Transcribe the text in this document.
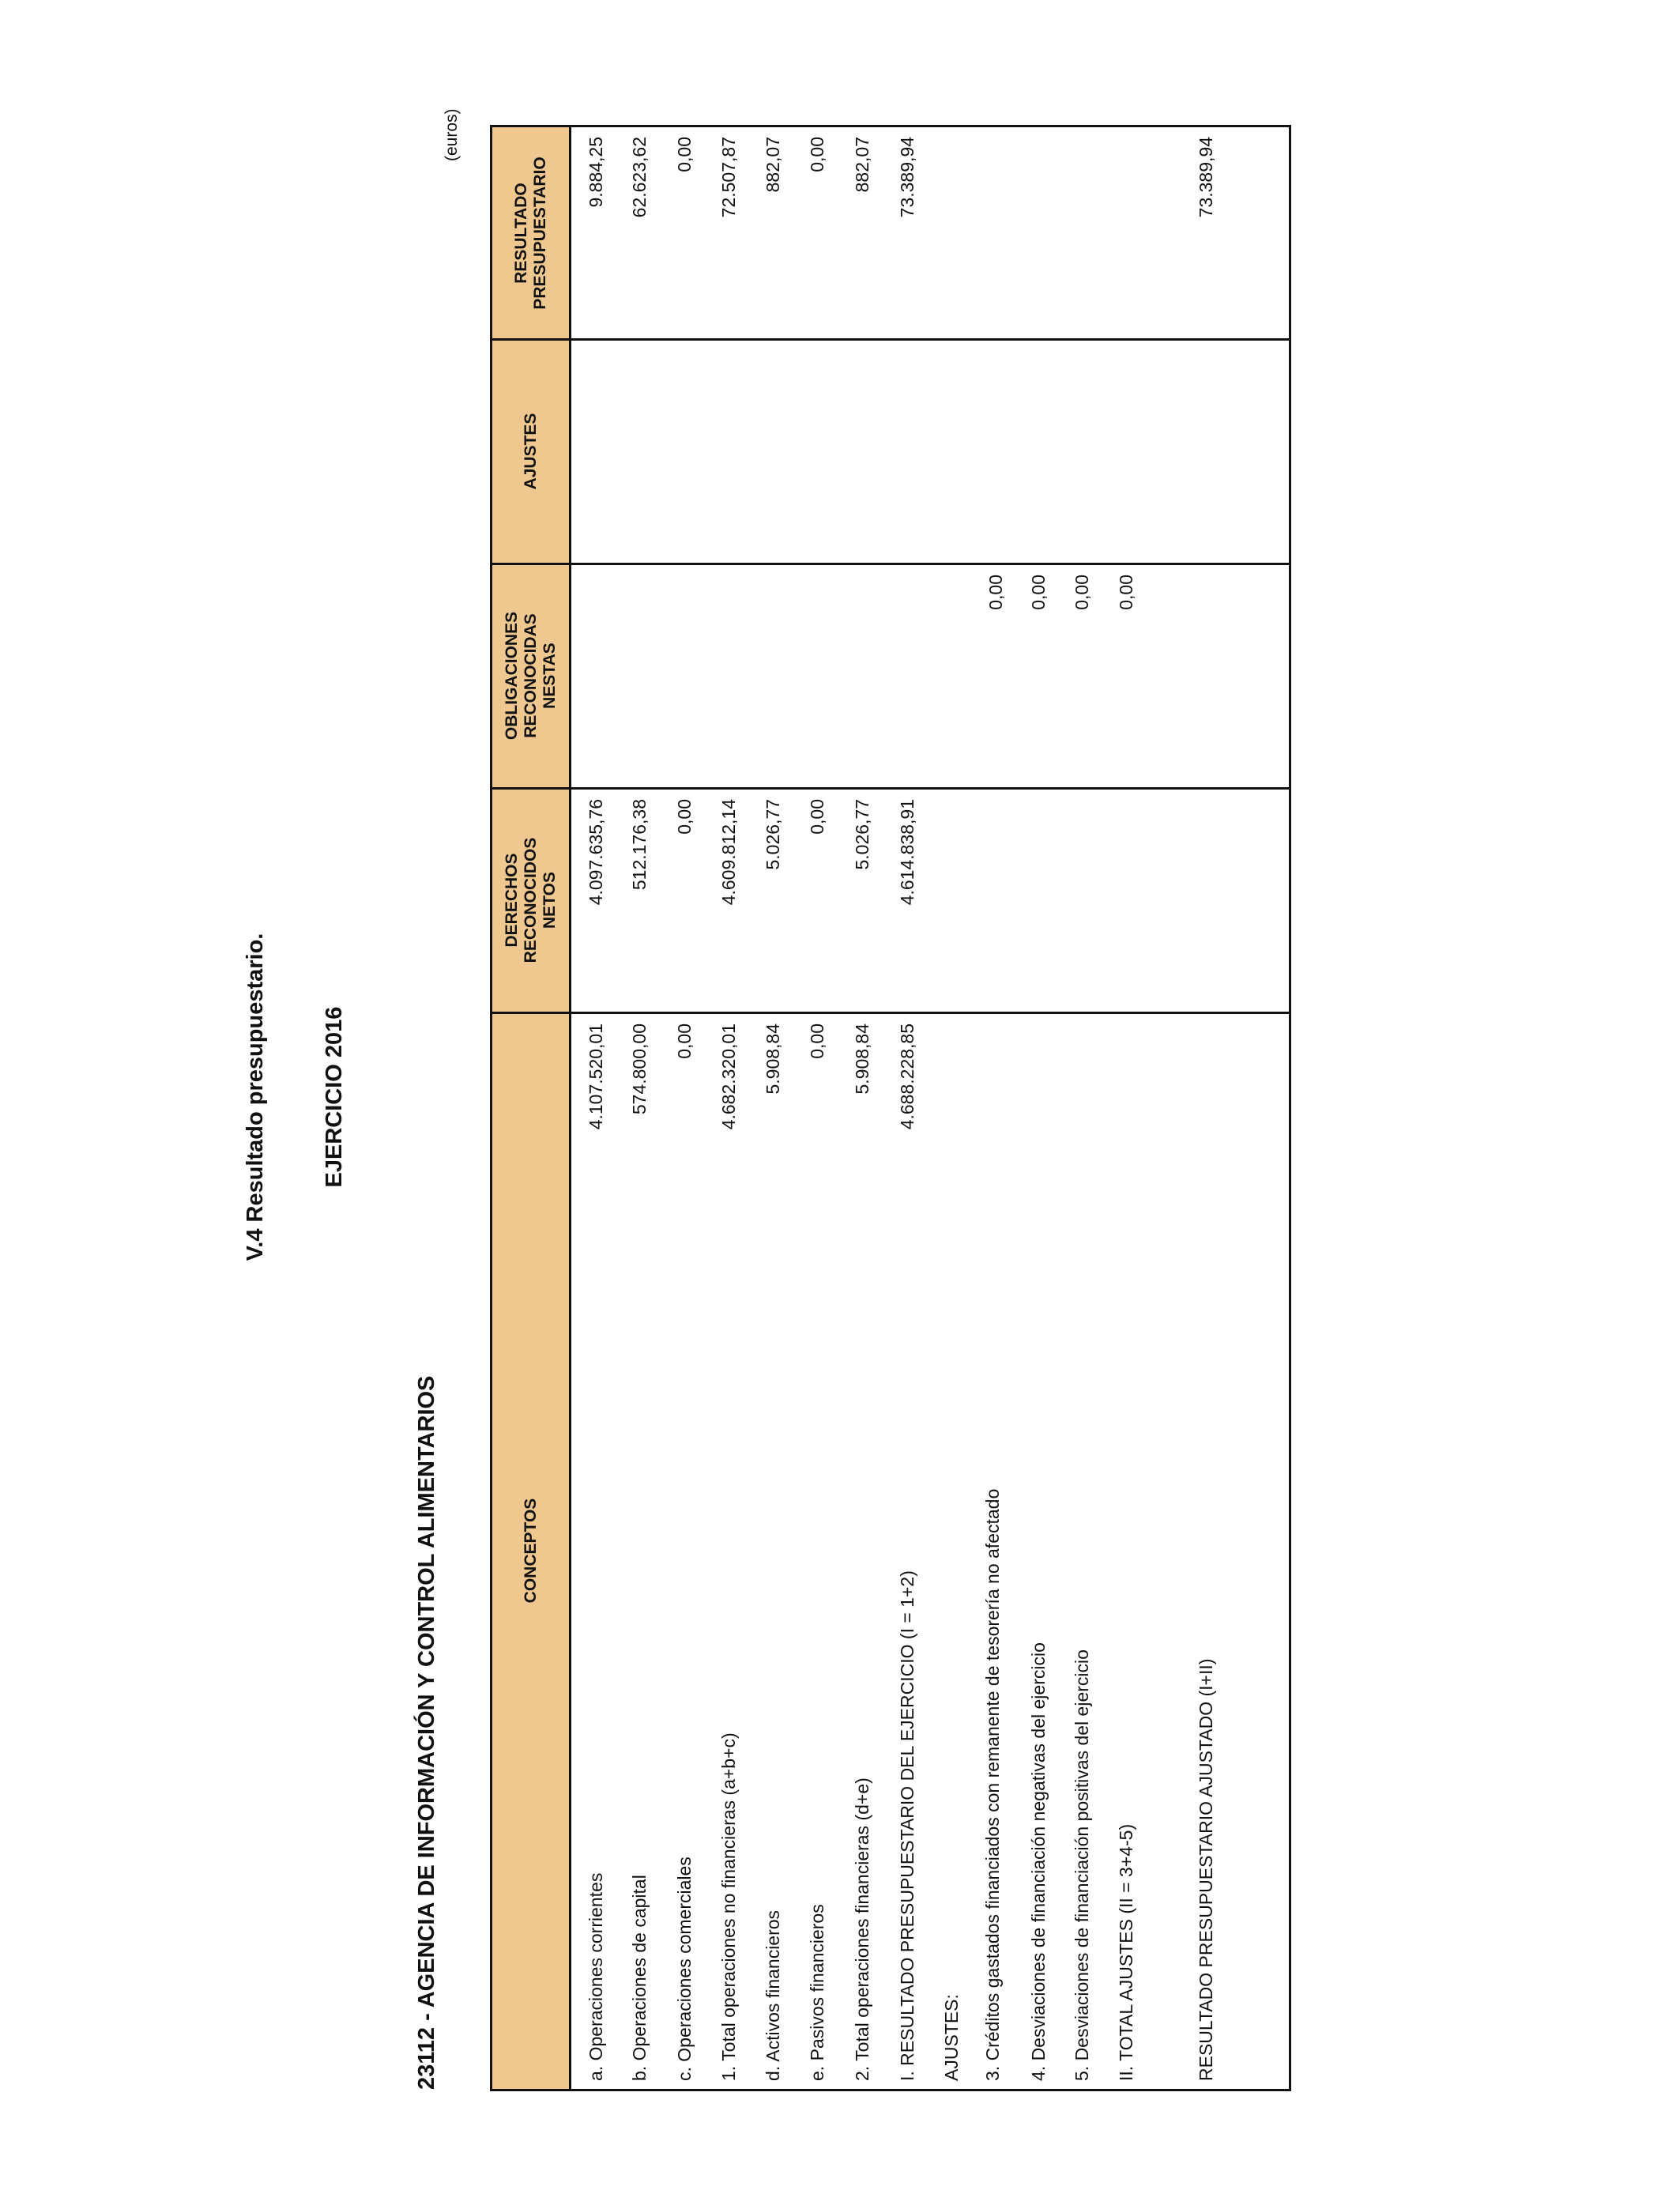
V.4 Resultado presupuestario. EJERCICIO 2016
23112 - AGENCIA DE INFORMACIÓN Y CONTROL ALIMENTARIOS
(euros)
CONCEPTOS
DERECHOS RECONOCIDOS NETOS
OBLIGACIONES RECONOCIDAS NESTAS
AJUSTES
RESULTADO PRESUPUESTARIO
a. Operaciones corrientes
4.107.520,01
4.097.635,76
9.884,25
b. Operaciones de capital
574.800,00
512.176,38
62.623,62
c. Operaciones comerciales
0,00
0,00
0,00
1. Total operaciones no financieras (a+b+c)
4.682.320,01
4.609.812,14
72.507,87
d. Activos financieros
5.908,84
5.026,77
882,07
e. Pasivos financieros
0,00
0,00
0,00
2. Total operaciones financieras (d+e)
5.908,84
5.026,77
882,07
I. RESULTADO PRESUPUESTARIO DEL EJERCICIO (I = 1+2)
4.688.228,85
4.614.838,91
73.389,94
AJUSTES: 3. Créditos gastados financiados con remanente de tesorería no afectado
0,00
4. Desviaciones de financiación negativas del ejercicio
0,00
5. Desviaciones de financiación positivas del ejercicio
0,00
II. TOTAL AJUSTES (II = 3+4-5)
0,00
RESULTADO PRESUPUESTARIO AJUSTADO (I+II)
73.389,94
